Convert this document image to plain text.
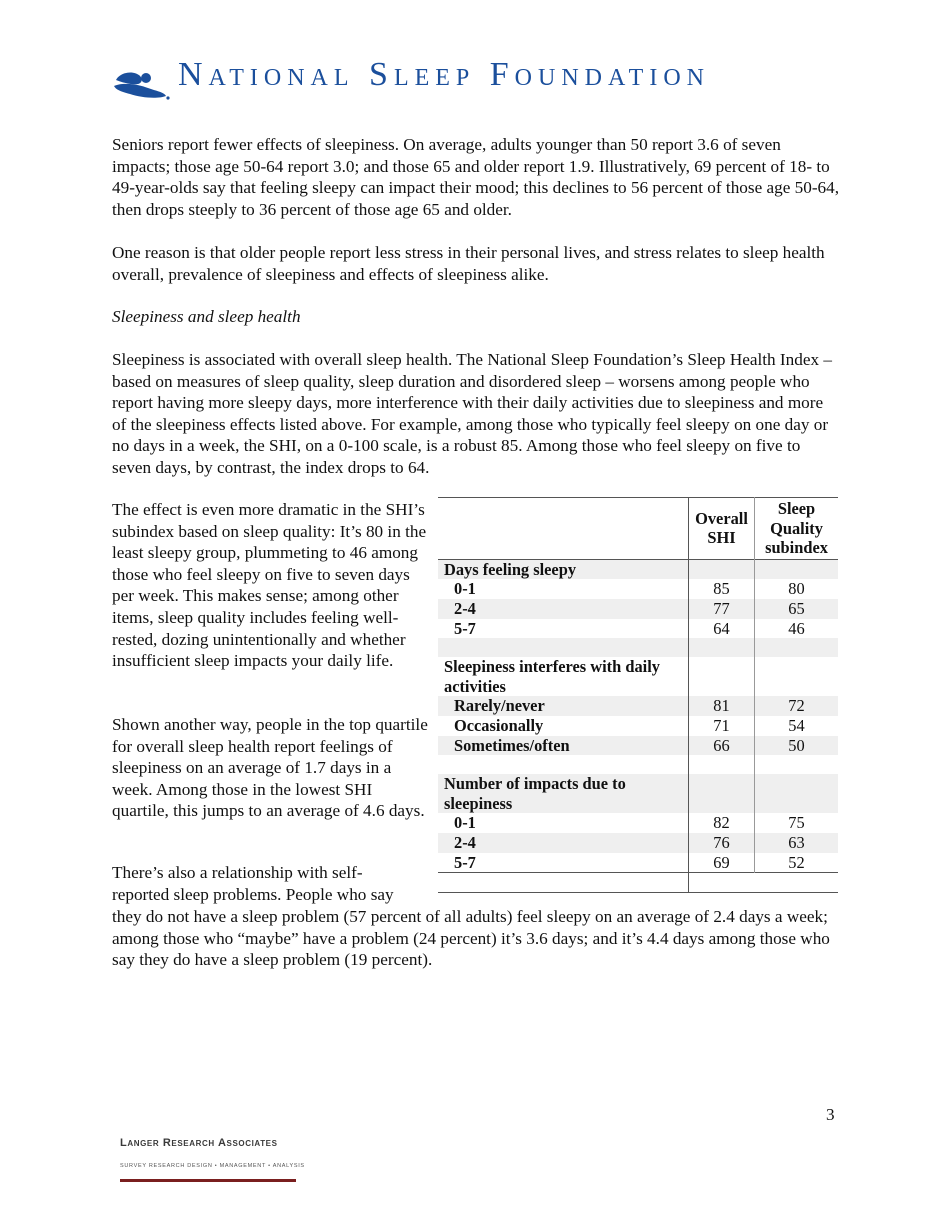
National Sleep Foundation

Seniors report fewer effects of sleepiness. On average, adults younger than 50 report 3.6 of seven impacts; those age 50-64 report 3.0; and those 65 and older report 1.9. Illustratively, 69 percent of 18- to 49-year-olds say that feeling sleepy can impact their mood; this declines to 56 percent of those age 50-64, then drops steeply to 36 percent of those age 65 and older.

One reason is that older people report less stress in their personal lives, and stress relates to sleep health overall, prevalence of sleepiness and effects of sleepiness alike.

Sleepiness and sleep health

Sleepiness is associated with overall sleep health. The National Sleep Foundation’s Sleep Health Index – based on measures of sleep quality, sleep duration and disordered sleep – worsens among people who report having more sleepy days, more interference with their daily activities due to sleepiness and more of the sleepiness effects listed above. For example, among those who typically feel sleepy on one day or no days in a week, the SHI, on a 0-100 scale, is a robust 85. Among those who feel sleepy on five to seven days, by contrast, the index drops to 64.

The effect is even more dramatic in the SHI’s subindex based on sleep quality: It’s 80 in the least sleepy group, plummeting to 46 among those who feel sleepy on five to seven days per week. This makes sense; among other items, sleep quality includes feeling well-rested, dozing unintentionally and whether insufficient sleep impacts your daily life.

Shown another way, people in the top quartile for overall sleep health report feelings of sleepiness on an average of 1.7 days in a week. Among those in the lowest SHI quartile, this jumps to an average of 4.6 days.

There’s also a relationship with self-reported sleep problems. People who say

they do not have a sleep problem (57 percent of all adults) feel sleepy on an average of 2.4 days a week; among those who “maybe” have a problem (24 percent) it’s 3.6 days; and it’s 4.4 days among those who say they do have a sleep problem (19 percent).

	Overall SHI	Sleep Quality subindex
Days feeling sleepy		
0-1	85	80
2-4	77	65
5-7	64	46

Sleepiness interferes with daily activities		
Rarely/never	81	72
Occasionally	71	54
Sometimes/often	66	50

Number of impacts due to sleepiness		
0-1	82	75
2-4	76	63
5-7	69	52

3
Langer Research Associates
SURVEY RESEARCH DESIGN • MANAGEMENT • ANALYSIS
